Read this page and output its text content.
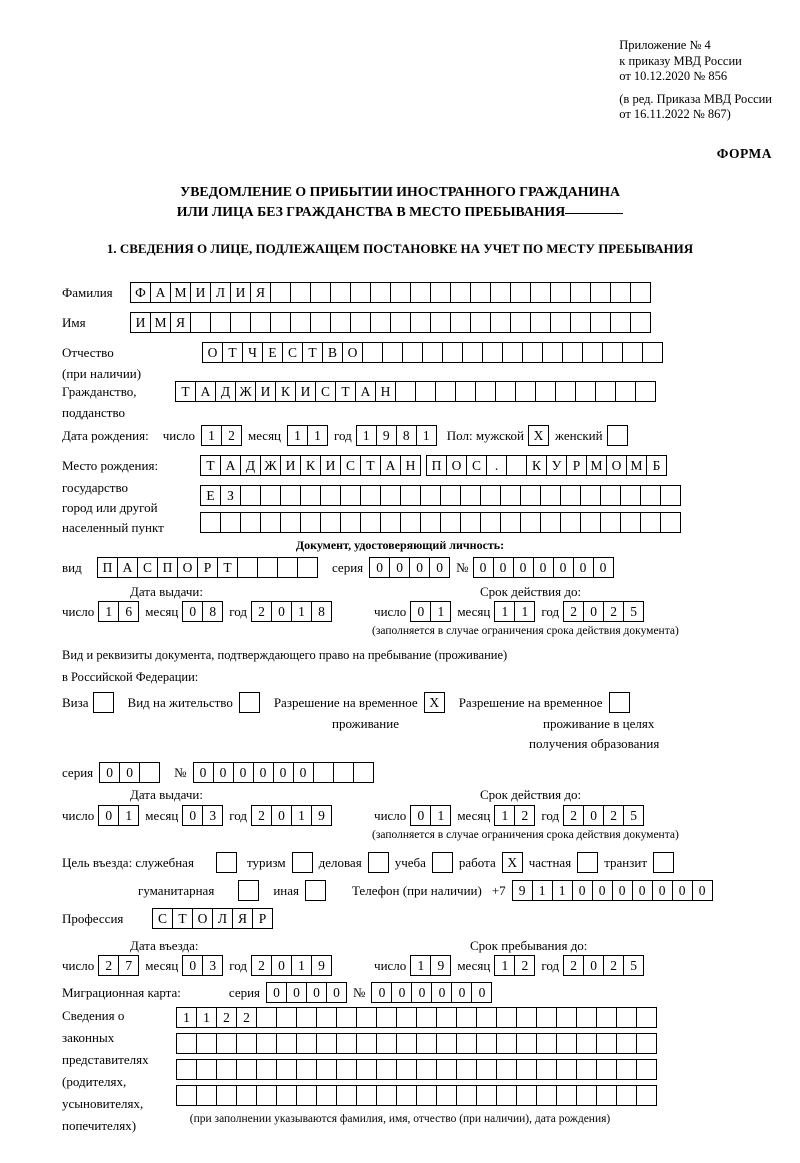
Приложение № 4
к приказу МВД России
от 10.12.2020 № 856
(в ред. Приказа МВД России
от 16.11.2022 № 867)
ФОРМА
УВЕДОМЛЕНИЕ О ПРИБЫТИИ ИНОСТРАННОГО ГРАЖДАНИНА
ИЛИ ЛИЦА БЕЗ ГРАЖДАНСТВА В МЕСТО ПРЕБЫВАНИЯ
1. СВЕДЕНИЯ О ЛИЦЕ, ПОДЛЕЖАЩЕМ ПОСТАНОВКЕ НА УЧЕТ ПО МЕСТУ ПРЕБЫВАНИЯ
Фамилия	Ф А М И Л И Я
Имя	И М Я
Отчество	О Т Ч Е С Т В О
(при наличии)
Гражданство,	Т А Д Ж И К И С Т А Н
подданство
Дата рождения: число 1 2	месяц 1 1	год 1 9 8 1	Пол: мужской X женский
Место рождения:	Т А Д Ж И К И С Т А Н	П О С	.	К У Р М О М Б
государство
Е З
город или другой
населенный пункт
Документ, удостоверяющий личность:
вид	П А С П О Р Т	серия 0 0 0 0	№ 0 0 0 0 0 0 0
Дата выдачи:	Срок действия до:
число 1 6	месяц 0 8	год 2 0 1 8	число 0 1	месяц 1 1	год 2 0 2 5
(заполняется в случае ограничения срока действия документа)
Вид и реквизиты документа, подтверждающего право на пребывание (проживание)
в Российской Федерации:
Виза	Вид на жительство	Разрешение на временное X	Разрешение на временное
проживание	проживание в целях
получения образования
серия 0 0	№ 0 0 0 0 0 0
Дата выдачи:	Срок действия до:
число 0 1	месяц 0 3	год 2 0 1 9	число 0 1	месяц 1 2	год 2 0 2 5
(заполняется в случае ограничения срока действия документа)
Цель въезда: служебная	туризм	деловая	учеба	работа X частная	транзит
гуманитарная	иная	Телефон (при наличии) +7 9 1 1 0 0 0 0 0 0 0
Профессия	С Т О Л Я Р
Дата въезда:	Срок пребывания до:
число 2 7	месяц 0 3	год 2 0 1 9	число 1 9	месяц 1 2	год 2 0 2 5
Миграционная карта:	серия 0 0 0 0	№ 0 0 0 0 0 0
Сведения о
законных
представителях
(родителях,
усыновителях,
попечителях)
1 1 2 2
(при заполнении указываются фамилия, имя, отчество (при наличии), дата рождения)
